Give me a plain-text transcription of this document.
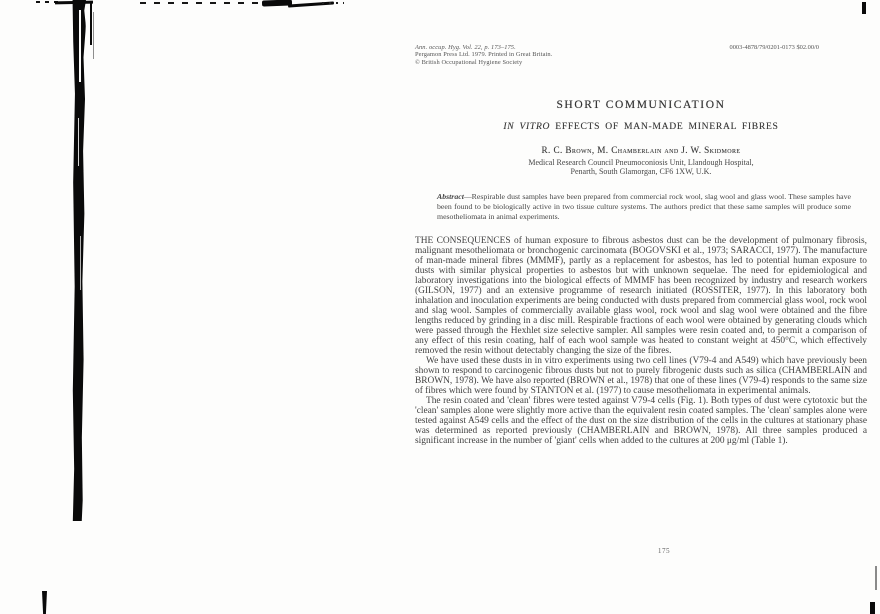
Ann. occup. Hyg. Vol. 22, p. 173–175.
Pergamon Press Ltd. 1979. Printed in Great Britain.
© British Occupational Hygiene Society
0003-4878/79/0201-0173 $02.00/0
SHORT COMMUNICATION
IN VITRO EFFECTS OF MAN-MADE MINERAL FIBRES
R. C. Brown, M. Chamberlain and J. W. Skidmore
Medical Research Council Pneumoconiosis Unit, Llandough Hospital,
Penarth, South Glamorgan, CF6 1XW, U.K.
Abstract—Respirable dust samples have been prepared from commercial rock wool, slag wool and glass wool. These samples have been found to be biologically active in two tissue culture systems. The authors predict that these same samples will produce some mesotheliomata in animal experiments.

THE CONSEQUENCES of human exposure to fibrous asbestos dust can be the development of pulmonary fibrosis, malignant mesotheliomata or bronchogenic carcinomata (BOGOVSKI et al., 1973; SARACCI, 1977). The manufacture of man-made mineral fibres (MMMF), partly as a replacement for asbestos, has led to potential human exposure to dusts with similar physical properties to asbestos but with unknown sequelae. The need for epidemiological and laboratory investigations into the biological effects of MMMF has been recognized by industry and research workers (GILSON, 1977) and an extensive programme of research initiated (ROSSITER, 1977). In this laboratory both inhalation and inoculation experiments are being conducted with dusts prepared from commercial glass wool, rock wool and slag wool. Samples of commercially available glass wool, rock wool and slag wool were obtained and the fibre lengths reduced by grinding in a disc mill. Respirable fractions of each wool were obtained by generating clouds which were passed through the Hexhlet size selective sampler. All samples were resin coated and, to permit a comparison of any effect of this resin coating, half of each wool sample was heated to constant weight at 450°C, which effectively removed the resin without detectably changing the size of the fibres.

We have used these dusts in in vitro experiments using two cell lines (V79-4 and A549) which have previously been shown to respond to carcinogenic fibrous dusts but not to purely fibrogenic dusts such as silica (CHAMBERLAIN and BROWN, 1978). We have also reported (BROWN et al., 1978) that one of these lines (V79-4) responds to the same size of fibres which were found by STANTON et al. (1977) to cause mesotheliomata in experimental animals.

The resin coated and 'clean' fibres were tested against V79-4 cells (Fig. 1). Both types of dust were cytotoxic but the 'clean' samples alone were slightly more active than the equivalent resin coated samples. The 'clean' samples alone were tested against A549 cells and the effect of the dust on the size distribution of the cells in the cultures at stationary phase was determined as reported previously (CHAMBERLAIN and BROWN, 1978). All three samples produced a significant increase in the number of 'giant' cells when added to the cultures at 200 μg/ml (Table 1).

175
